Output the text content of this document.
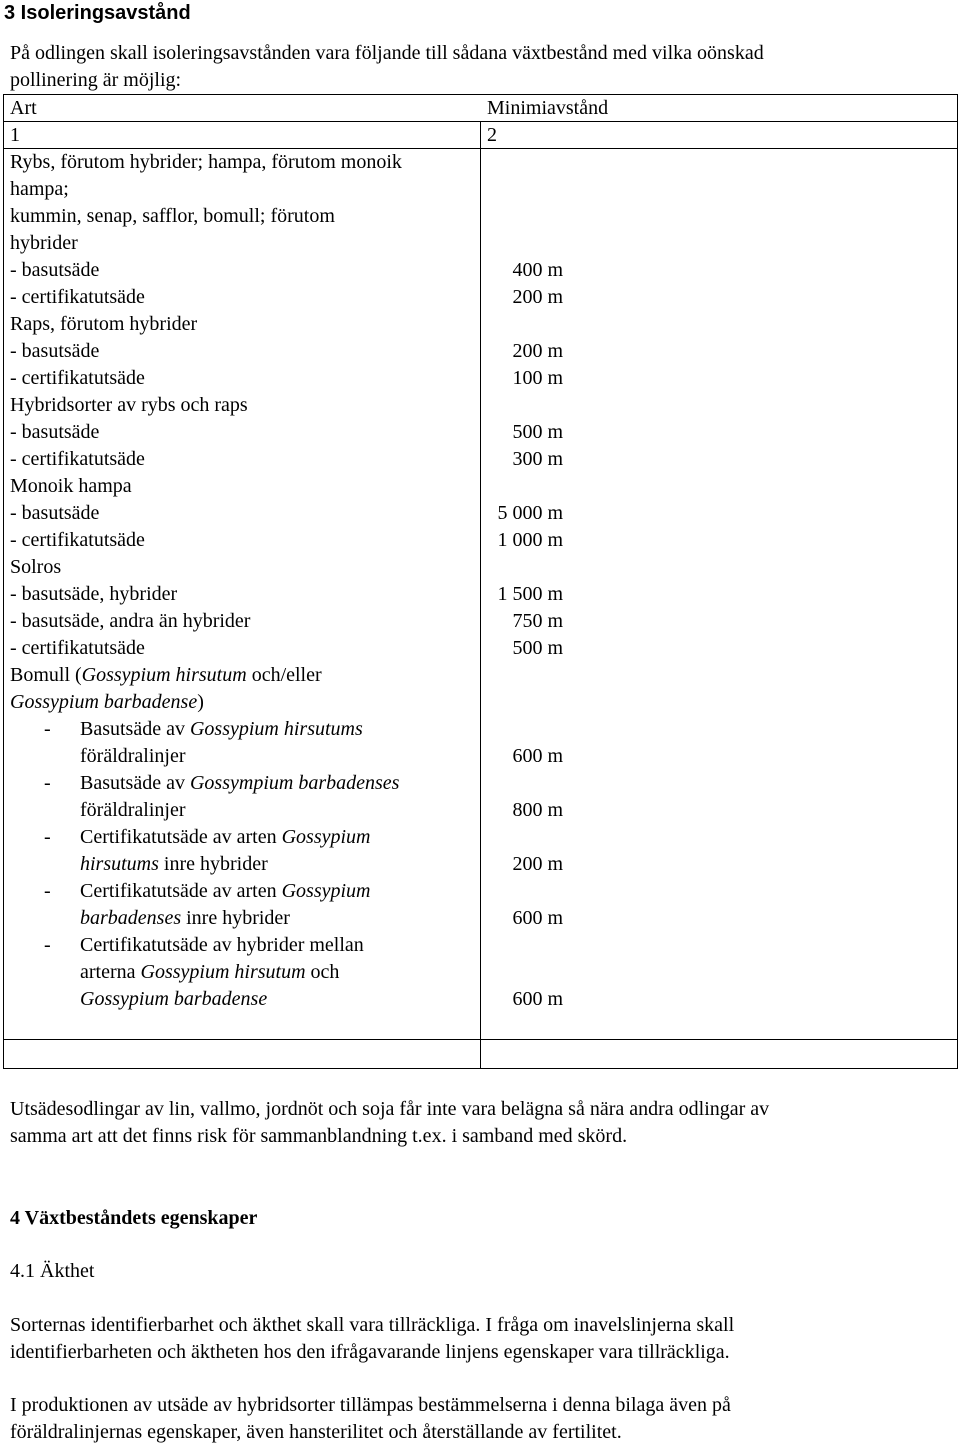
3 Isoleringsavstånd
På odlingen skall isoleringsavstånden vara följande till sådana växtbestånd med vilka oönskad
pollinering är möjlig:
Art	Minimiavstånd
1	2
Rybs, förutom hybrider; hampa, förutom monoik
hampa;
kummin, senap, safflor, bomull; förutom
hybrider
- basutsäde
- certifikatutsäde
Raps, förutom hybrider
- basutsäde
- certifikatutsäde
Hybridsorter av rybs och raps
- basutsäde
- certifikatutsäde
Monoik hampa
- basutsäde
- certifikatutsäde
Solros
- basutsäde, hybrider
- basutsäde, andra än hybrider
- certifikatutsäde
Bomull (Gossypium hirsutum och/eller
Gossypium barbadense)
- Basutsäde av Gossypium hirsutums
föräldralinjer
- Basutsäde av Gossympium barbadenses
föräldralinjer
- Certifikatutsäde av arten Gossypium
hirsutums inre hybrider
- Certifikatutsäde av arten Gossypium
barbadenses inre hybrider
- Certifikatutsäde av hybrider mellan
arterna Gossypium hirsutum och
Gossypium barbadense
400 m
200 m
200 m
100 m
500 m
300 m
5 000 m
1 000 m
1 500 m
750 m
500 m
600 m
800 m
200 m
600 m
600 m
Utsädesodlingar av lin, vallmo, jordnöt och soja får inte vara belägna så nära andra odlingar av
samma art att det finns risk för sammanblandning t.ex. i samband med skörd.
4 Växtbeståndets egenskaper
4.1 Äkthet
Sorternas identifierbarhet och äkthet skall vara tillräckliga. I fråga om inavelslinjerna skall
identifierbarheten och äktheten hos den ifrågavarande linjens egenskaper vara tillräckliga.
I produktionen av utsäde av hybridsorter tillämpas bestämmelserna i denna bilaga även på
föräldralinjernas egenskaper, även hansterilitet och återställande av fertilitet.
